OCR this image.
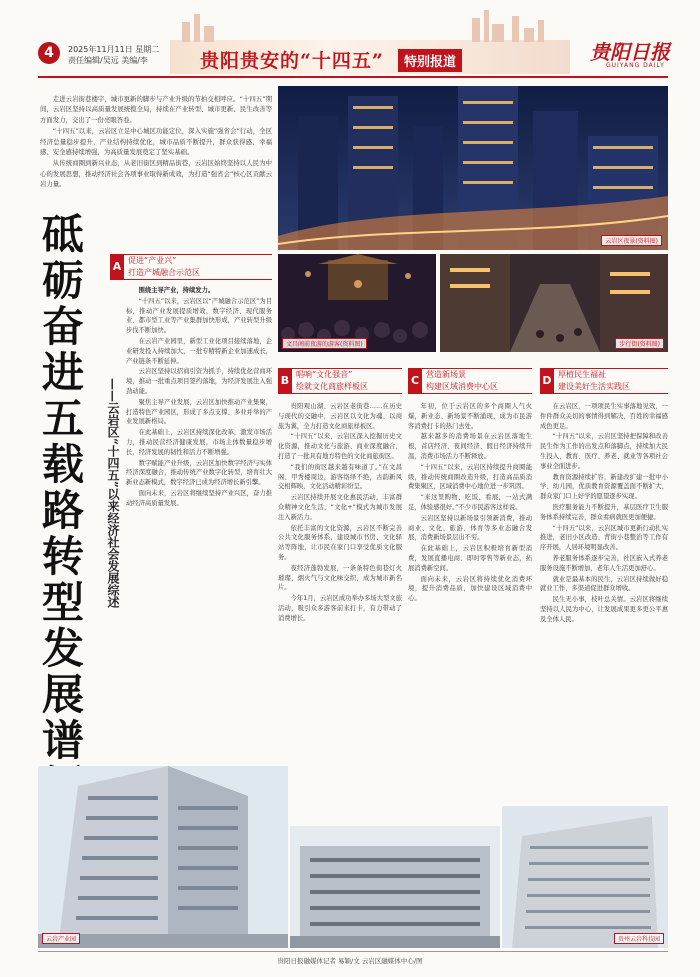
4	2025年11月11日 星期二
责任编辑/吴远 美编/李	贵阳贵安的“十四五”	特别报道	贵阳日报
GUIYANG DAILY

走进云岩街巷楼宇，城市更新的脚步与产业升级的节拍交相呼应。“十四五”期间，云岩区坚持以高质量发展统揽全局，持续在产业转型、城市更新、民生改善等方面发力，交出了一份亮眼答卷。

“十四五”以来，云岩区立足中心城区功能定位，深入实施“强省会”行动，全区经济总量稳步提升，产业结构持续优化，城市品质不断提升，群众获得感、幸福感、安全感持续增强，为高质量发展奠定了坚实基础。

从传统商圈到新兴业态，从老旧街区到精品街巷，云岩区始终坚持以人民为中心的发展思想，推动经济社会各项事业取得新成效，为打造“强省会”核心区贡献云岩力量。

云岩区夜景(资料图)
文昌阁前夜游的游客(资料图)	步行街(资料图)
砥砺奋进五载路 转型发展谱
——云岩区“十四五”以来经济社会发展综述
A 促进“产业兴”
打造产城融合示范区

围绕主导产业，持续发力。

“十四五”以来，云岩区以“产城融合示范区”为目标，推动产业发展提质增效，数字经济、现代服务业、都市型工业等产业集群加快形成，产业转型升级步伐不断加快。

在云岩产业园里，新型工业化项目接续落地，企业研发投入持续加大，一批专精特新企业加速成长，产业链条不断延伸。

云岩区坚持以招商引资为抓手，持续优化营商环境，推动一批重点项目签约落地，为经济发展注入强劲动能。

聚焦主导产业发展，云岩区加快推动产业集聚，打造特色产业园区，形成了多点支撑、多业并举的产业发展新格局。

在此基础上，云岩区持续深化改革，激发市场活力，推动民营经济健康发展，市场主体数量稳步增长，经济发展的韧性和活力不断增强。

数字赋能产业升级，云岩区加快数字经济与实体经济深度融合，推动传统产业数字化转型，培育壮大新业态新模式，数字经济已成为经济增长新引擎。

面向未来，云岩区将继续坚持产业兴区，奋力推动经济高质量发展。

B 唱响“文化强音”
绘就文化商旅样板区

贵阳观山湖、云岩区老街巷……在历史与现代的交融中，云岩区以文化为魂、以商旅为翼，全力打造文化商旅样板区。

“十四五”以来，云岩区深入挖掘历史文化资源，推动文化与旅游、商业深度融合，打造了一批具有地方特色的文化商旅街区。

“我们的街区越来越有味道了。”在文昌阁、甲秀楼周边，游客络绎不绝，古韵新风交相辉映，文化活动精彩纷呈。

云岩区持续开展文化惠民活动，丰富群众精神文化生活，“文化+”模式为城市发展注入新活力。

依托丰富的文化资源，云岩区不断完善公共文化服务体系，建设城市书房、文化驿站等阵地，让市民在家门口享受优质文化服务。

夜经济蓬勃发展，一条条特色街巷灯火璀璨，烟火气与文化味交织，成为城市新名片。

今年1月，云岩区成功举办多场大型文旅活动，吸引众多游客前来打卡，有力带动了消费增长。

C 营造新场景
构建区域消费中心区

年初，位于云岩区的多个商圈人气火爆，新业态、新场景不断涌现，成为市民游客消费打卡的热门去处。

越来越多的消费场景在云岩区落地生根，首店经济、夜间经济、假日经济持续升温，消费市场活力不断释放。

“十四五”以来，云岩区持续提升商圈能级，推动传统商圈改造升级，打造高品质消费集聚区，区域消费中心地位进一步巩固。

“来这里购物、吃饭、看展，一站式满足，体验感很好。”不少市民游客这样说。

云岩区坚持以新场景引领新消费，推动商业、文化、旅游、体育等多业态融合发展，消费新场景层出不穷。

在此基础上，云岩区积极培育新型消费，发展直播电商、即时零售等新业态，拓展消费新空间。

面向未来，云岩区将持续优化消费环境，提升消费品质，加快建设区域消费中心。

D 厚植民生福祉
建设美好生活实践区

在云岩区，一项项民生实事落地见效，一件件群众关切的事情得到解决，百姓的幸福感成色更足。

“十四五”以来，云岩区坚持把保障和改善民生作为工作的出发点和落脚点，持续加大民生投入，教育、医疗、养老、就业等各项社会事业全面进步。

教育资源持续扩容，新建改扩建一批中小学、幼儿园，优质教育资源覆盖面不断扩大，群众家门口上好学的愿望逐步实现。

医疗服务能力不断提升，基层医疗卫生服务体系持续完善，群众看病就医更加便捷。

“十四五”以来，云岩区城市更新行动扎实推进，老旧小区改造、背街小巷整治等工作有序开展，人居环境明显改善。

养老服务体系逐步完善，社区嵌入式养老服务设施不断增加，老年人生活更加舒心。

就业是最基本的民生，云岩区持续做好稳就业工作，多渠道促进群众增收。

民生无小事，枝叶总关情。云岩区将继续坚持以人民为中心，让发展成果更多更公平惠及全体人民。

云岩产业园	贵州云岩科技园
贵阳日报融媒体记者 易颖/文 云岩区融媒体中心/图
